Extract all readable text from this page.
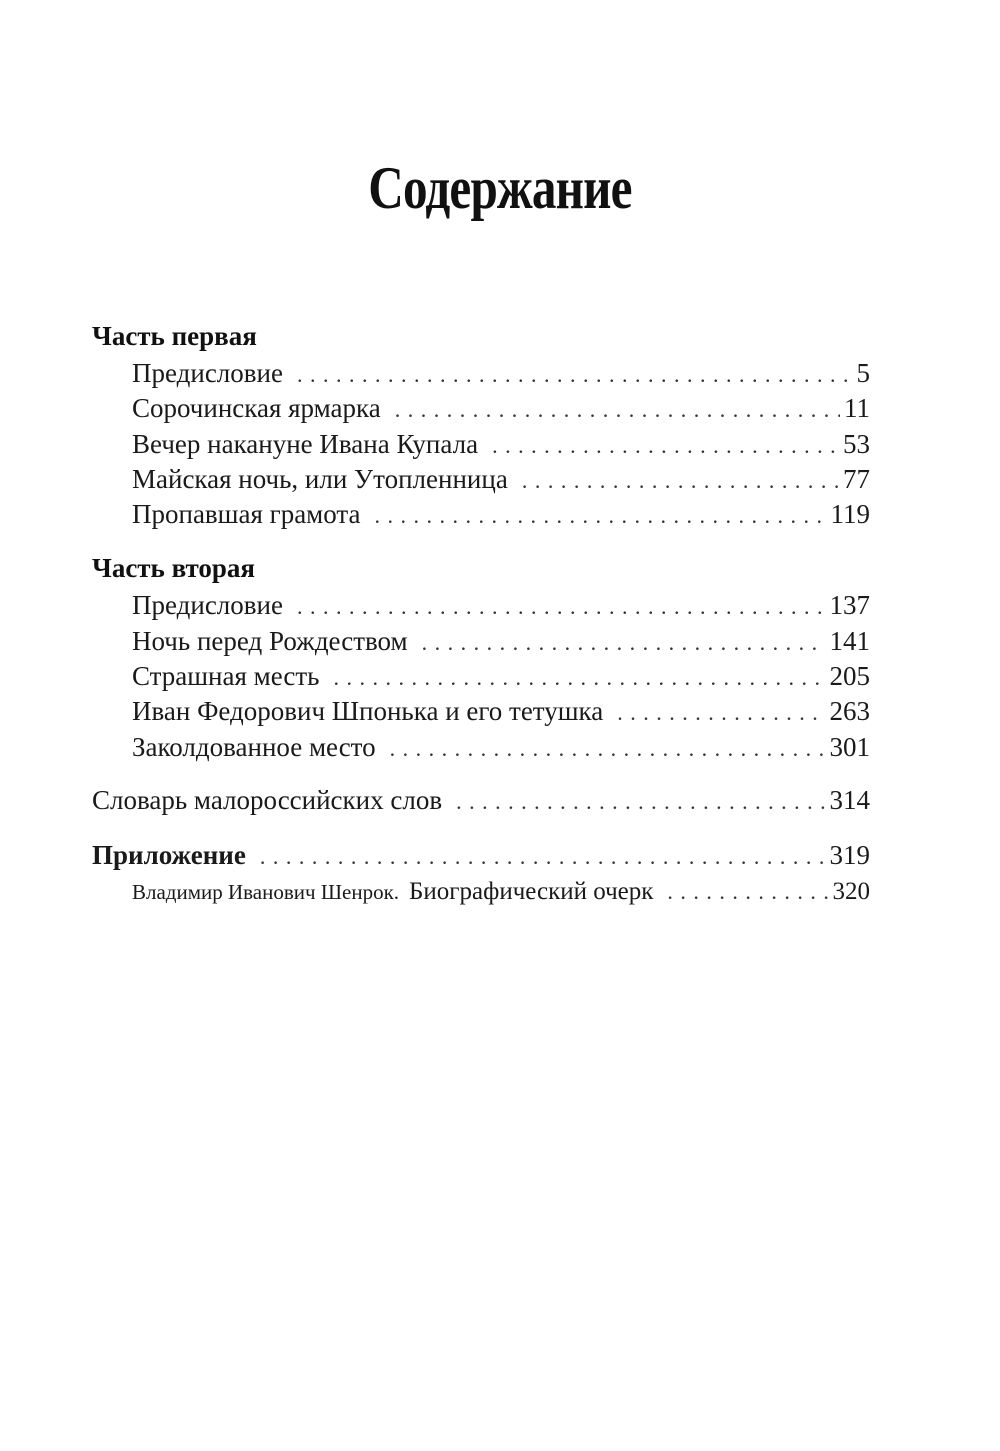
Содержание
Часть первая
Предисловие . . .	5
Сорочинская ярмарка . . .	11
Вечер накануне Ивана Купала . . .	53
Майская ночь, или Утопленница . . .	77
Пропавшая грамота . . .	119
Часть вторая
Предисловие . . .	137
Ночь перед Рождеством . . .	141
Страшная месть . . .	205
Иван Федорович Шпонька и его тетушка . . .	263
Заколдованное место . . .	301
Словарь малороссийских слов . . .	314
Приложение . . .	319
Владимир Иванович Шенрок. Биографический очерк . . .	320
